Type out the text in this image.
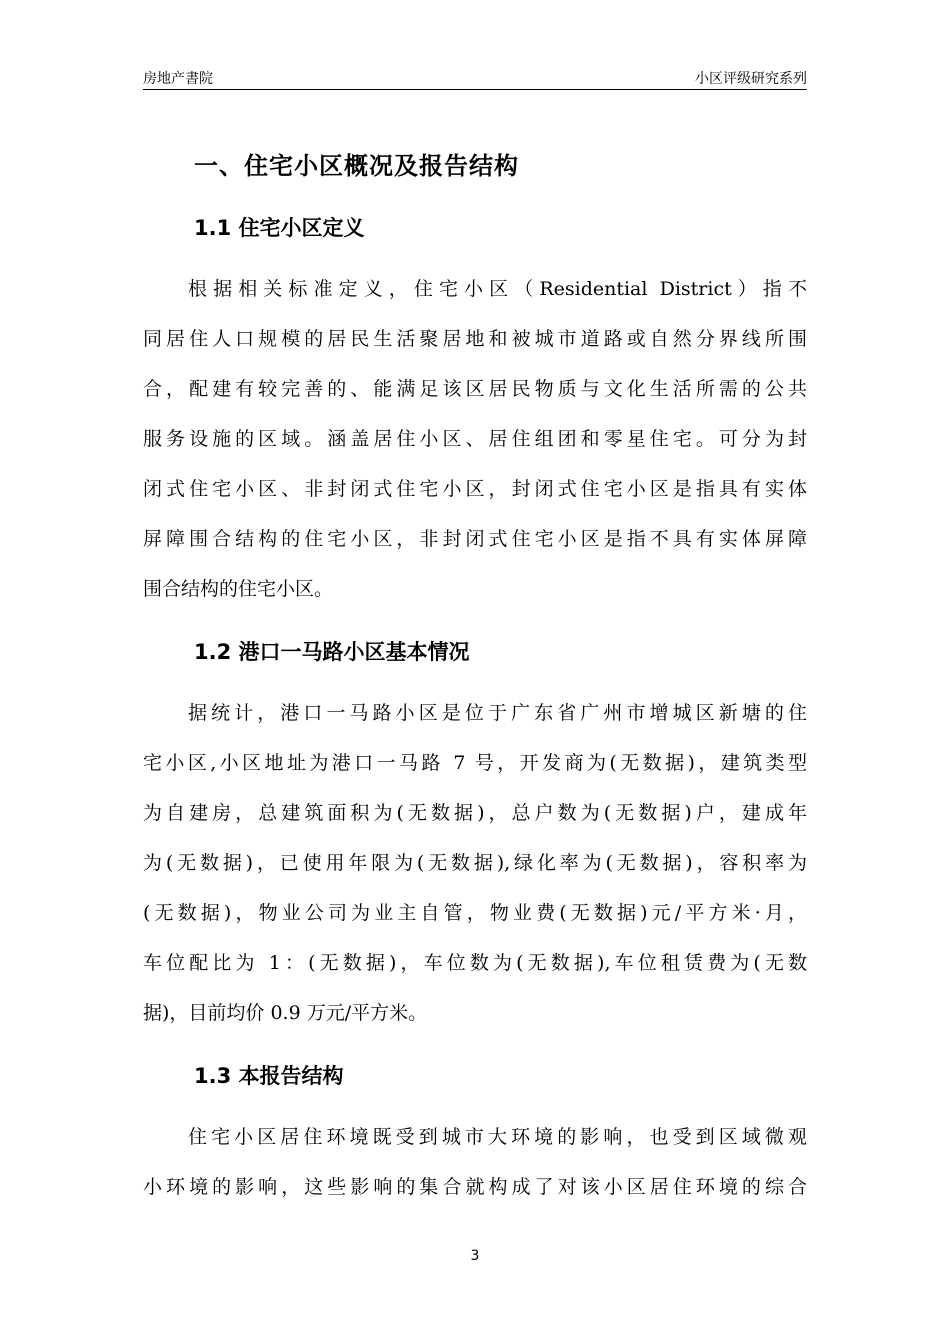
房地产書院	小区评级研究系列
一、住宅小区概况及报告结构
1.1 住宅小区定义
根据相关标准定义，住宅小区（Residential District）指不
同居住人口规模的居民生活聚居地和被城市道路或自然分界线所围
合，配建有较完善的、能满足该区居民物质与文化生活所需的公共
服务设施的区域。涵盖居住小区、居住组团和零星住宅。可分为封
闭式住宅小区、非封闭式住宅小区，封闭式住宅小区是指具有实体
屏障围合结构的住宅小区，非封闭式住宅小区是指不具有实体屏障
围合结构的住宅小区。
1.2 港口一马路小区基本情况
据统计，港口一马路小区是位于广东省广州市增城区新塘的住
宅小区,小区地址为港口一马路 7 号，开发商为(无数据)，建筑类型
为自建房，总建筑面积为(无数据)，总户数为(无数据)户，建成年
为(无数据)，已使用年限为(无数据),绿化率为(无数据)，容积率为
(无数据)，物业公司为业主自管，物业费(无数据)元/平方米·月，
车位配比为 1：(无数据)，车位数为(无数据),车位租赁费为(无数
据)，目前均价 0.9 万元/平方米。
1.3 本报告结构
住宅小区居住环境既受到城市大环境的影响，也受到区域微观
小环境的影响，这些影响的集合就构成了对该小区居住环境的综合
3
